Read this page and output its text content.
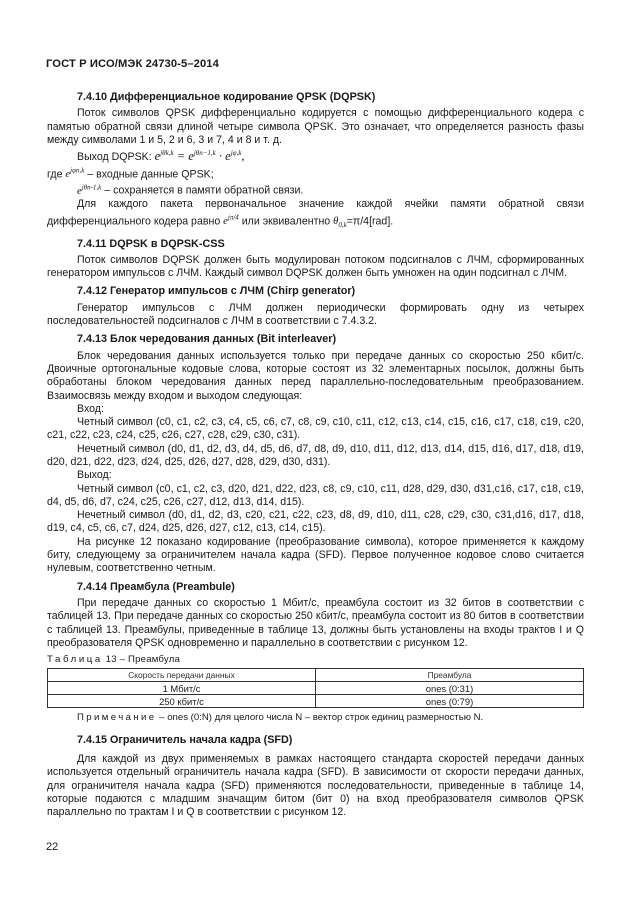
ГОСТ Р ИСО/МЭК 24730-5–2014

7.4.10 Дифференциальное кодирование QPSK (DQPSK)

Поток символов QPSK дифференциально кодируется с помощью дифференциального кодера с памятью обратной связи длиной четыре символа QPSK. Это означает, что определяется разность фазы между символами 1 и 5, 2 и 6, 3 и 7, 4 и 8 и т. д.

Выход DQPSK: $e^{j\theta k,k} = e^{j\theta n-1,k} \cdot e^{j\varphi,k}$,

где $e^{j\varphi n,k}$ – входные данные QPSK;

$e^{j\theta n-1,k}$ – сохраняется в памяти обратной связи.

Для каждого пакета первоначальное значение каждой ячейки памяти обратной связи дифференциального кодера равно $e^{j\pi/4}$ или эквивалентно $\theta_{0,k}=\pi/4[rad]$.

7.4.11 DQPSK в DQPSK-CSS

Поток символов DQPSK должен быть модулирован потоком подсигналов с ЛЧМ, сформированных генератором импульсов с ЛЧМ. Каждый символ DQPSK должен быть умножен на один подсигнал с ЛЧМ.

7.4.12 Генератор импульсов с ЛЧМ (Chirp generator)

Генератор импульсов с ЛЧМ должен периодически формировать одну из четырех последовательностей подсигналов с ЛЧМ в соответствии с 7.4.3.2.

7.4.13 Блок чередования данных (Bit interleaver)

Блок чередования данных используется только при передаче данных со скоростью 250 кбит/с. Двоичные ортогональные кодовые слова, которые состоят из 32 элементарных посылок, должны быть обработаны блоком чередования данных перед параллельно-последовательным преобразованием. Взаимосвязь между входом и выходом следующая:

Вход:

Четный символ (c0, c1, c2, c3, c4, c5, c6, c7, c8, c9, c10, c11, c12, c13, c14, c15, c16, c17, c18, c19, c20, c21, c22, c23, c24, c25, c26, c27, c28, c29, c30, c31).

Нечетный символ (d0, d1, d2, d3, d4, d5, d6, d7, d8, d9, d10, d11, d12, d13, d14, d15, d16, d17, d18, d19, d20, d21, d22, d23, d24, d25, d26, d27, d28, d29, d30, d31).

Выход:

Четный символ (c0, c1, c2, c3, d20, d21, d22, d23, c8, c9, c10, c11, d28, d29, d30, d31,c16, c17, c18, c19, d4, d5, d6, d7, c24, c25, c26, c27, d12, d13, d14, d15).

Нечетный символ (d0, d1, d2, d3, c20, c21, c22, c23, d8, d9, d10, d11, c28, c29, c30, c31,d16, d17, d18, d19, c4, c5, c6, c7, d24, d25, d26, d27, c12, c13, c14, c15).

На рисунке 12 показано кодирование (преобразование символа), которое применяется к каждому биту, следующему за ограничителем начала кадра (SFD). Первое полученное кодовое слово считается нулевым, соответственно четным.

7.4.14 Преамбула (Preambule)

При передаче данных со скоростью 1 Мбит/с, преамбула состоит из 32 битов в соответствии с таблицей 13. При передаче данных со скоростью 250 кбит/с, преамбула состоит из 80 битов в соответствии с таблицей 13. Преамбулы, приведенные в таблице 13, должны быть установлены на входы трактов I и Q преобразователя QPSK одновременно и параллельно в соответствии с рисунком 12.

Таблица 13 – Преамбула

Скорость передачи данных	Преамбула
1 Мбит/с	ones (0:31)
250 кбит/с	ones (0:79)

Примечание – ones (0:N) для целого числа N – вектор строк единиц размерностью N.

7.4.15 Ограничитель начала кадра (SFD)

Для каждой из двух применяемых в рамках настоящего стандарта скоростей передачи данных используется отдельный ограничитель начала кадра (SFD). В зависимости от скорости передачи данных, для ограничителя начала кадра (SFD) применяются последовательности, приведенные в таблице 14, которые подаются с младшим значащим битом (бит 0) на вход преобразователя символов QPSK параллельно по трактам I и Q в соответствии с рисунком 12.

22
